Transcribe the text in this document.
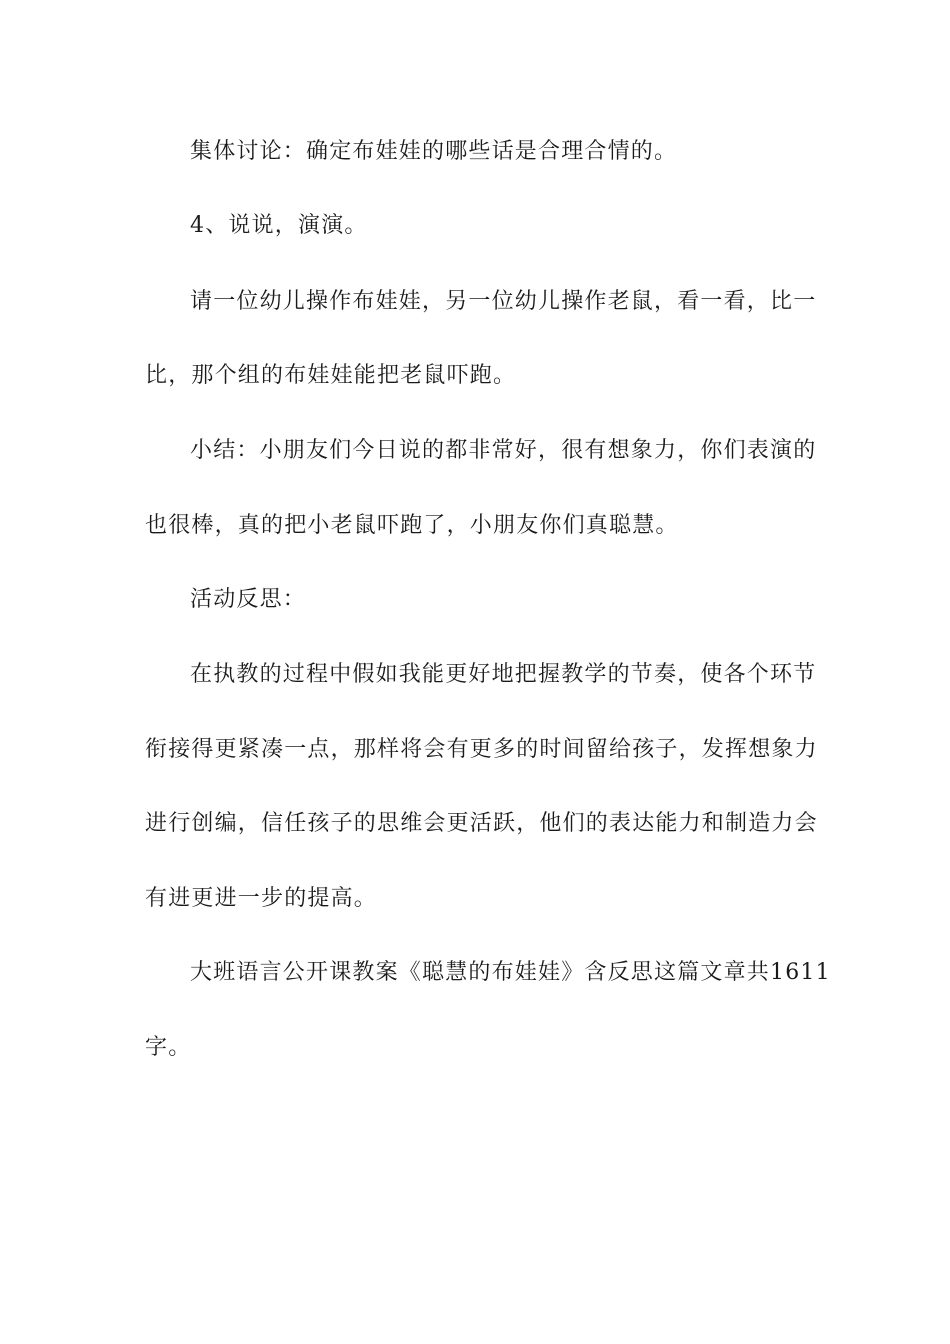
集体讨论：确定布娃娃的哪些话是合理合情的。
4、说说，演演。
请一位幼儿操作布娃娃，另一位幼儿操作老鼠，看一看，比一
比，那个组的布娃娃能把老鼠吓跑。
小结：小朋友们今日说的都非常好，很有想象力，你们表演的
也很棒，真的把小老鼠吓跑了，小朋友你们真聪慧。
活动反思：
在执教的过程中假如我能更好地把握教学的节奏，使各个环节
衔接得更紧凑一点，那样将会有更多的时间留给孩子，发挥想象力
进行创编，信任孩子的思维会更活跃，他们的表达能力和制造力会
有进更进一步的提高。
大班语言公开课教案《聪慧的布娃娃》含反思这篇文章共1611
字。
